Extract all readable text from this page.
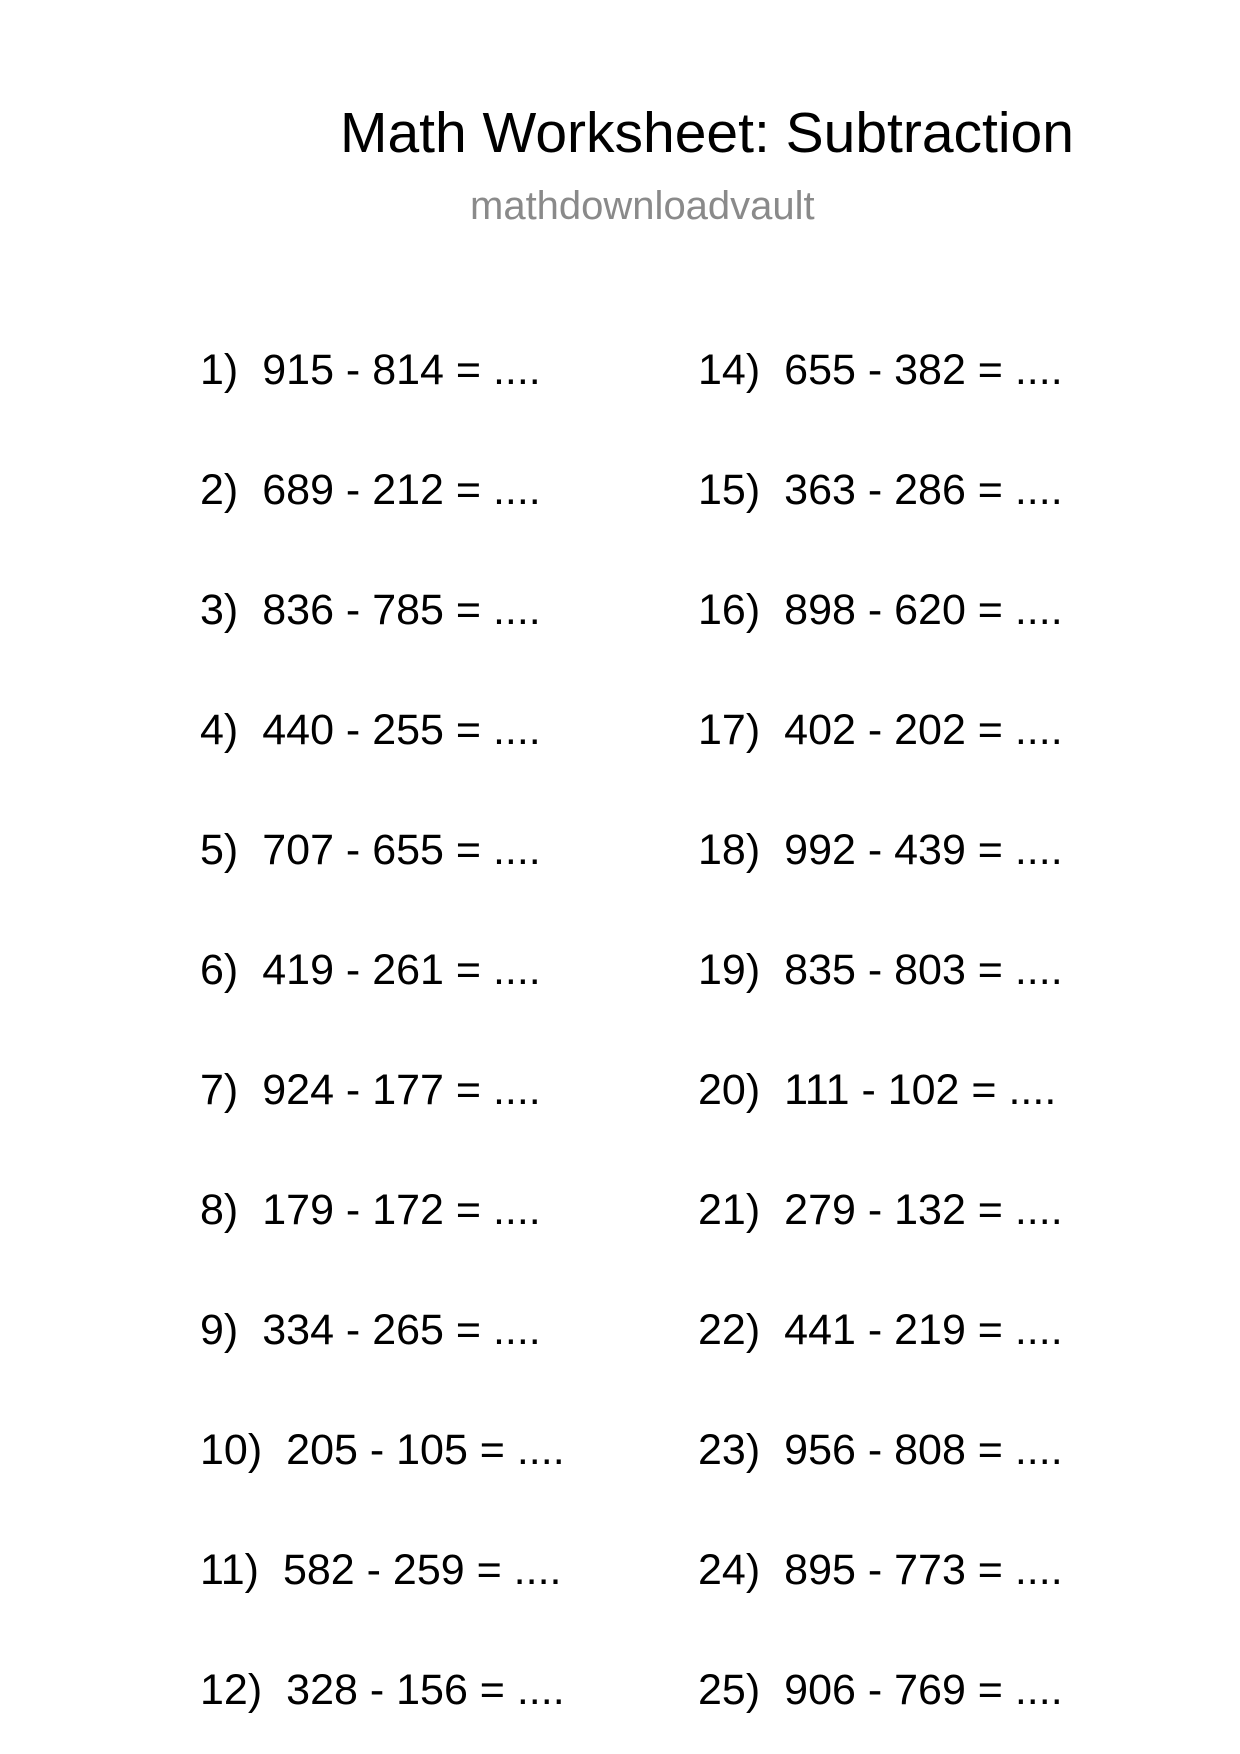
Math Worksheet: Subtraction
mathdownloadvault
1) 915 - 814 = ....
2) 689 - 212 = ....
3) 836 - 785 = ....
4) 440 - 255 = ....
5) 707 - 655 = ....
6) 419 - 261 = ....
7) 924 - 177 = ....
8) 179 - 172 = ....
9) 334 - 265 = ....
10) 205 - 105 = ....
11) 582 - 259 = ....
12) 328 - 156 = ....
14) 655 - 382 = ....
15) 363 - 286 = ....
16) 898 - 620 = ....
17) 402 - 202 = ....
18) 992 - 439 = ....
19) 835 - 803 = ....
20) 111 - 102 = ....
21) 279 - 132 = ....
22) 441 - 219 = ....
23) 956 - 808 = ....
24) 895 - 773 = ....
25) 906 - 769 = ....
